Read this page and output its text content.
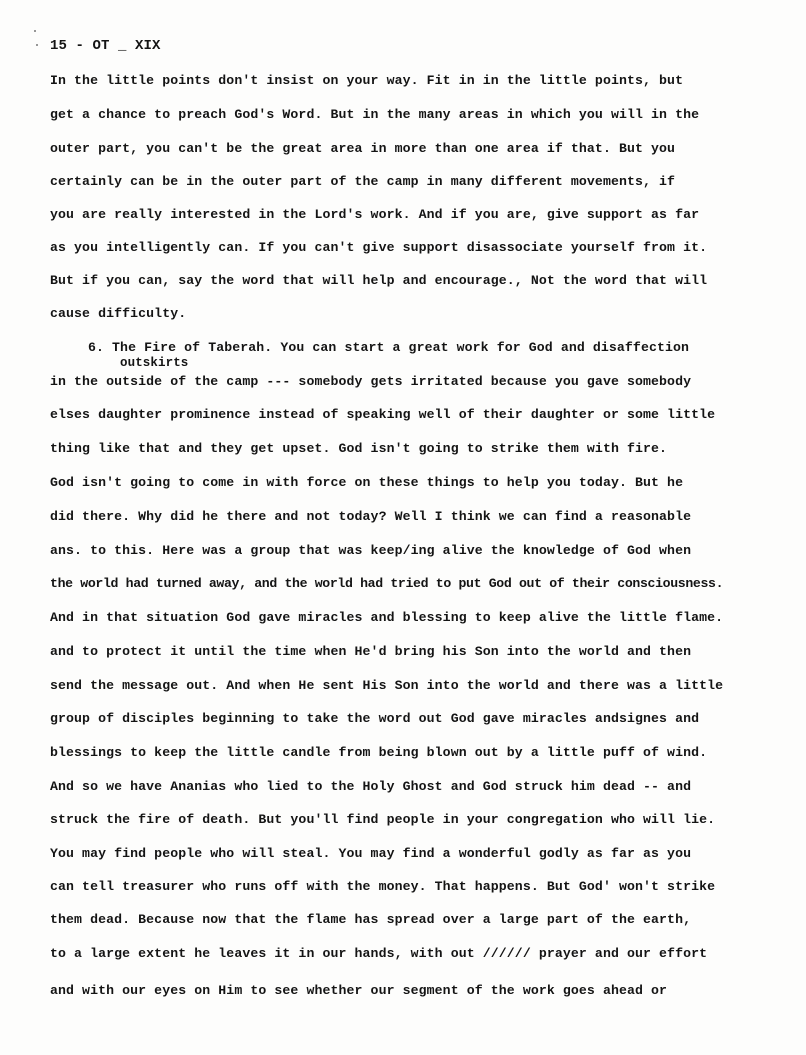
15 - OT _ XIX
In the little points don't insist on your way. Fit in in the little points, but
get a chance to preach God's Word. But in the many areas in which you will in the
outer part, you can't be the great area in more than one area if that. But you
certainly can be in the outer part of the camp in many different movements, if
you are really interested in the Lord's work. And if you are, give support as far
as you intelligently can. If you can't give support disassociate yourself from it.
But if you can, say the word that will help and encourage., Not the word that will
cause difficulty.
6. The Fire of Taberah. You can start a great work for God and disaffection
outskirts
in the outside of the camp --- somebody gets irritated because you gave somebody
elses daughter prominence instead of speaking well of their daughter or some little
thing like that and they get upset. God isn't going to strike them with fire.
God isn't going to come in with force on these things to help you today. But he
did there. Why did he there and not today? Well I think we can find a reasonable
ans. to this. Here was a group that was keep/ing alive the knowledge of God when
the world had turned away, and the world had tried to put God out of their consciousness.
And in that situation God gave miracles and blessing to keep alive the little flame.
and to protect it until the time when He'd bring his Son into the world and then
send the message out. And when He sent His Son into the world and there was a little
group of disciples beginning to take the word out God gave miracles andsignes and
blessings to keep the little candle from being blown out by a little puff of wind.
And so we have Ananias who lied to the Holy Ghost and God struck him dead -- and
struck the fire of death. But you'll find people in your congregation who will lie.
You may find people who will steal. You may find a wonderful godly as far as you
can tell treasurer who runs off with the money. That happens. But God' won't strike
them dead. Because now that the flame has spread over a large part of the earth,
to a large extent he leaves it in our hands, with out ////// prayer and our effort
and with our eyes on Him to see whether our segment of the work goes ahead or
